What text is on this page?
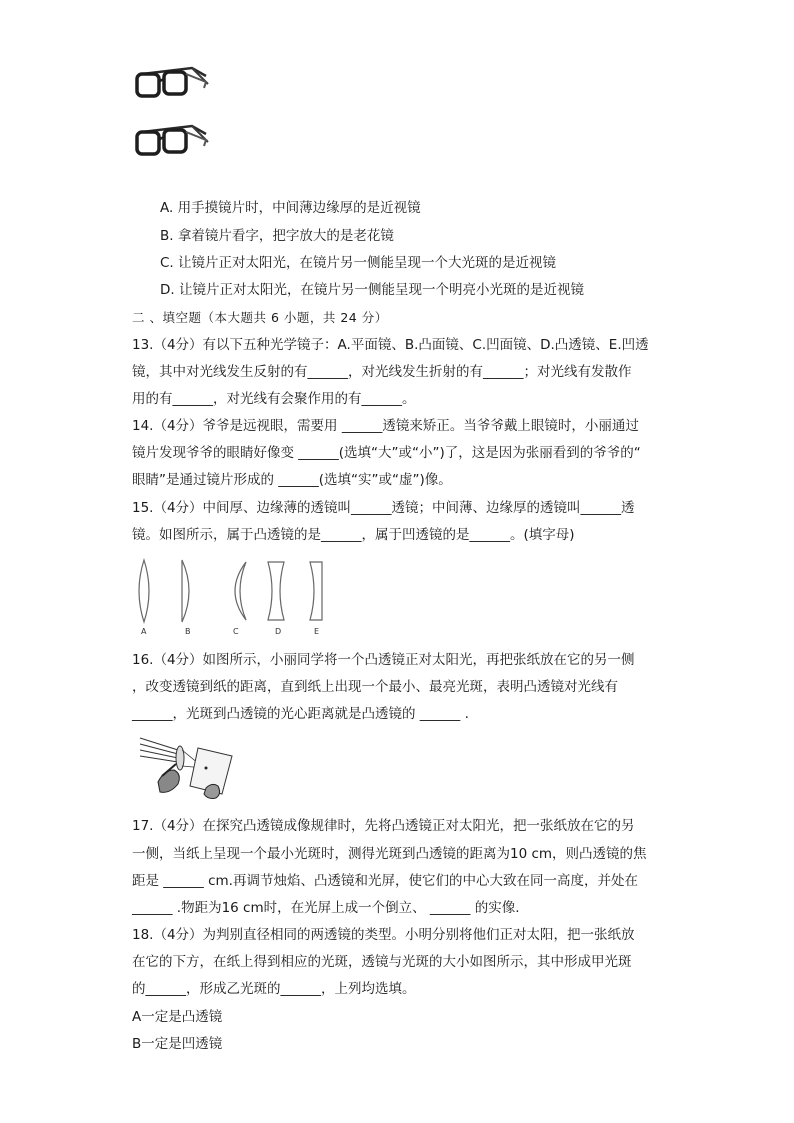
A. 用手摸镜片时，中间薄边缘厚的是近视镜
B. 拿着镜片看字，把字放大的是老花镜
C. 让镜片正对太阳光，在镜片另一侧能呈现一个大光斑的是近视镜
D. 让镜片正对太阳光，在镜片另一侧能呈现一个明亮小光斑的是近视镜
二 、填空题（本大题共 6 小题，共 24 分）
13.（4分）有以下五种光学镜子：A.平面镜、B.凸面镜、C.凹面镜、D.凸透镜、E.凹透
镜，其中对光线发生反射的有______，对光线发生折射的有______；对光线有发散作
用的有______，对光线有会聚作用的有______。
14.（4分）爷爷是远视眼，需要用 ______透镜来矫正。当爷爷戴上眼镜时，小丽通过
镜片发现爷爷的眼睛好像变 ______(选填“大”或“小”)了，这是因为张丽看到的爷爷的“
眼睛”是通过镜片形成的 ______(选填“实”或“虚”)像。
15.（4分）中间厚、边缘薄的透镜叫______透镜；中间薄、边缘厚的透镜叫______透
镜。如图所示，属于凸透镜的是______，属于凹透镜的是______。(填字母)
A	B	C	D	E
16.（4分）如图所示，小丽同学将一个凸透镜正对太阳光，再把张纸放在它的另一侧
，改变透镜到纸的距离，直到纸上出现一个最小、最亮光斑，表明凸透镜对光线有
______，光斑到凸透镜的光心距离就是凸透镜的 ______ .
17.（4分）在探究凸透镜成像规律时，先将凸透镜正对太阳光，把一张纸放在它的另
一侧，当纸上呈现一个最小光斑时，测得光斑到凸透镜的距离为10 cm，则凸透镜的焦
距是 ______ cm.再调节烛焰、凸透镜和光屏，使它们的中心大致在同一高度，并处在
______ .物距为16 cm时，在光屏上成一个倒立、 ______ 的实像.
18.（4分）为判别直径相同的两透镜的类型。小明分别将他们正对太阳，把一张纸放
在它的下方，在纸上得到相应的光斑，透镜与光斑的大小如图所示，其中形成甲光斑
的______，形成乙光斑的______，上列均选填。
A一定是凸透镜
B一定是凹透镜
